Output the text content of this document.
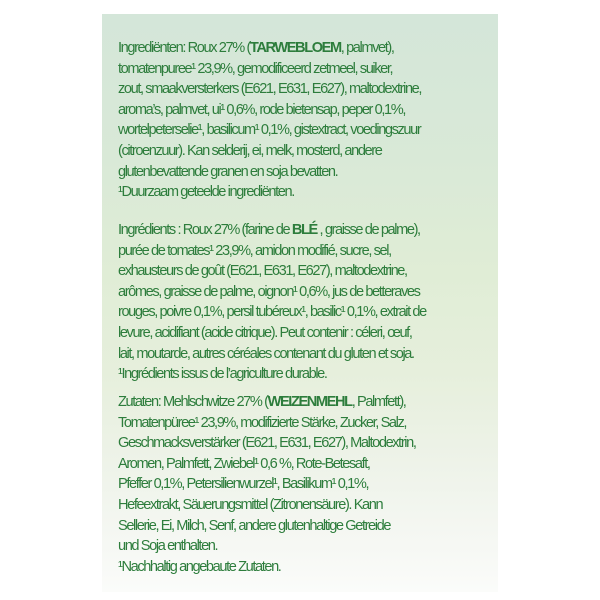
Ingrediënten: Roux 27% (TARWEBLOEM, palmvet),

tomatenpuree¹ 23,9%, gemodificeerd zetmeel, suiker,

zout, smaakversterkers (E621, E631, E627), maltodextrine,

aroma’s, palmvet, ui¹ 0,6%, rode bietensap, peper 0,1%,

wortelpeterselie¹, basilicum¹ 0,1%, gistextract, voedingszuur

(citroenzuur). Kan selderij, ei, melk, mosterd, andere

glutenbevattende granen en soja bevatten.

¹Duurzaam geteelde ingrediënten.

Ingrédients : Roux 27% (farine de BLÉ , graisse de palme),

purée de tomates¹ 23,9%, amidon modifié, sucre, sel,

exhausteurs de goût (E621, E631, E627), maltodextrine,

arômes, graisse de palme, oignon¹ 0,6%, jus de betteraves

rouges, poivre 0,1%, persil tubéreux¹, basilic¹ 0,1%, extrait de

levure, acidifiant (acide citrique). Peut contenir : céleri, œuf,

lait, moutarde, autres céréales contenant du gluten et soja.

¹Ingrédients issus de l’agriculture durable.

Zutaten: Mehlschwitze 27% (WEIZENMEHL, Palmfett),

Tomatenpüree¹ 23,9%, modifizierte Stärke, Zucker, Salz,

Geschmacksverstärker (E621, E631, E627), Maltodextrin,

Aromen, Palmfett, Zwiebel¹ 0,6 %, Rote-Betesaft,

Pfeffer 0,1%, Petersilienwurzel¹, Basilikum¹ 0,1%,

Hefeextrakt, Säuerungsmittel (Zitronensäure). Kann

Sellerie, Ei, Milch, Senf, andere glutenhaltige Getreide

und Soja enthalten.

¹Nachhaltig angebaute Zutaten.
